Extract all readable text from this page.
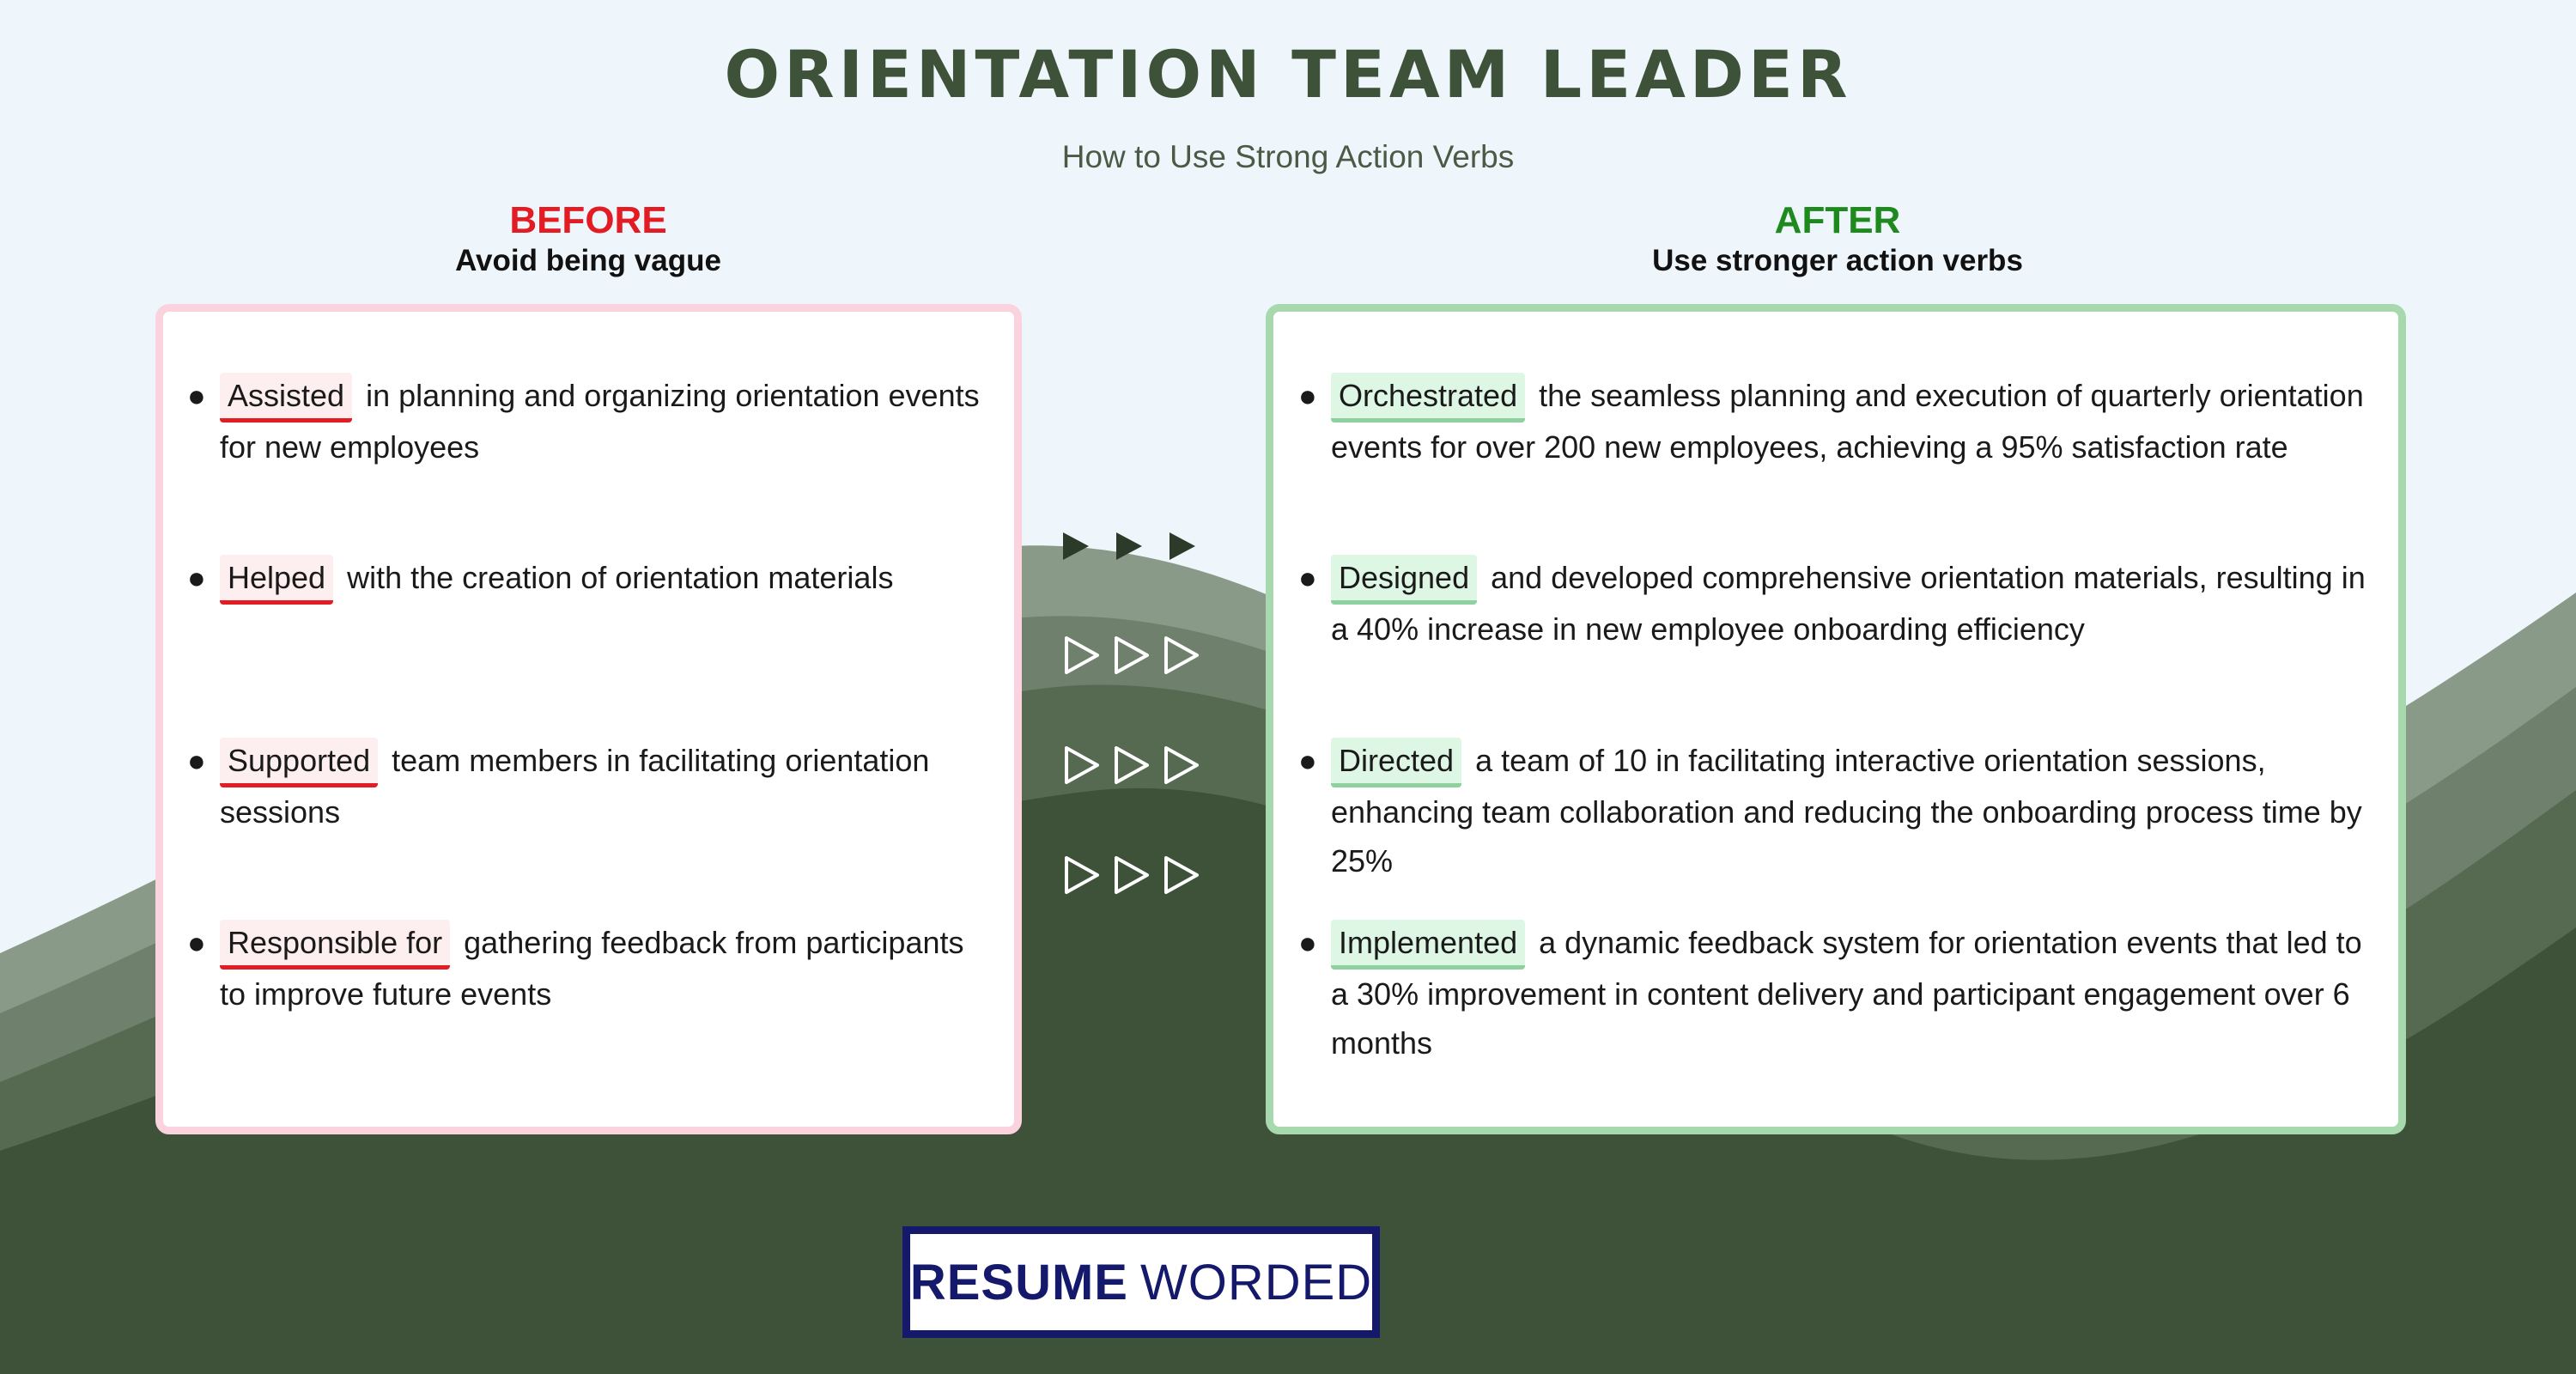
ORIENTATION TEAM LEADER
How to Use Strong Action Verbs
BEFORE
Avoid being vague
AFTER
Use stronger action verbs
● Assisted in planning and organizing orientation events for new employees
● Helped with the creation of orientation materials
● Supported team members in facilitating orientation sessions
● Responsible for gathering feedback from participants to improve future events
● Orchestrated the seamless planning and execution of quarterly orientation events for over 200 new employees, achieving a 95% satisfaction rate
● Designed and developed comprehensive orientation materials, resulting in a 40% increase in new employee onboarding efficiency
● Directed a team of 10 in facilitating interactive orientation sessions, enhancing team collaboration and reducing the onboarding process time by 25%
● Implemented a dynamic feedback system for orientation events that led to a 30% improvement in content delivery and participant engagement over 6 months
RESUME WORDED
